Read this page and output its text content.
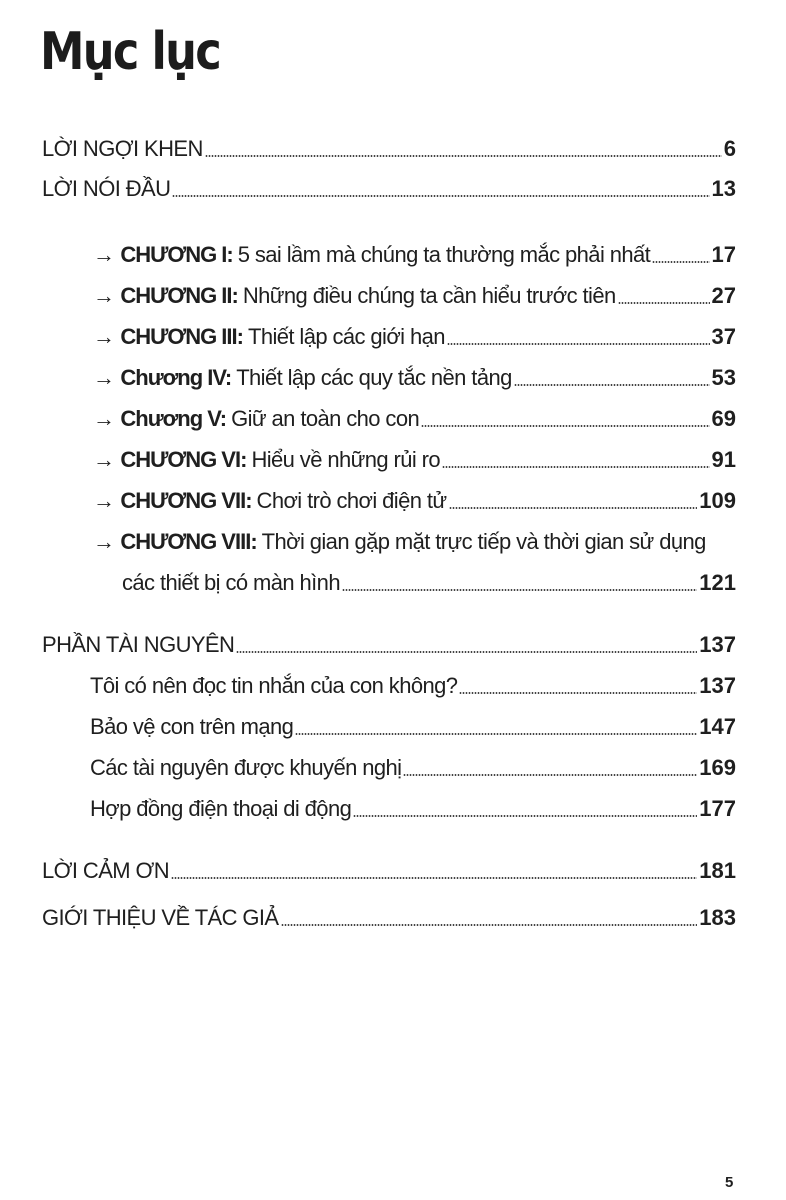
Mục lục
LỜI NGỢI KHEN	6
LỜI NÓI ĐẦU	13
→ CHƯƠNG I: 5 sai lầm mà chúng ta thường mắc phải nhất	17
→ CHƯƠNG II: Những điều chúng ta cần hiểu trước tiên	27
→ CHƯƠNG III: Thiết lập các giới hạn	37
→ Chương IV: Thiết lập các quy tắc nền tảng	53
→ Chương V: Giữ an toàn cho con	69
→ CHƯƠNG VI: Hiểu về những rủi ro	91
→ CHƯƠNG VII: Chơi trò chơi điện tử	109
→ CHƯƠNG VIII: Thời gian gặp mặt trực tiếp và thời gian sử dụng
các thiết bị có màn hình	121
PHẦN TÀI NGUYÊN	137
Tôi có nên đọc tin nhắn của con không?	137
Bảo vệ con trên mạng	147
Các tài nguyên được khuyến nghị	169
Hợp đồng điện thoại di động	177
LỜI CẢM ƠN	181
GIỚI THIỆU VỀ TÁC GIẢ	183
5
